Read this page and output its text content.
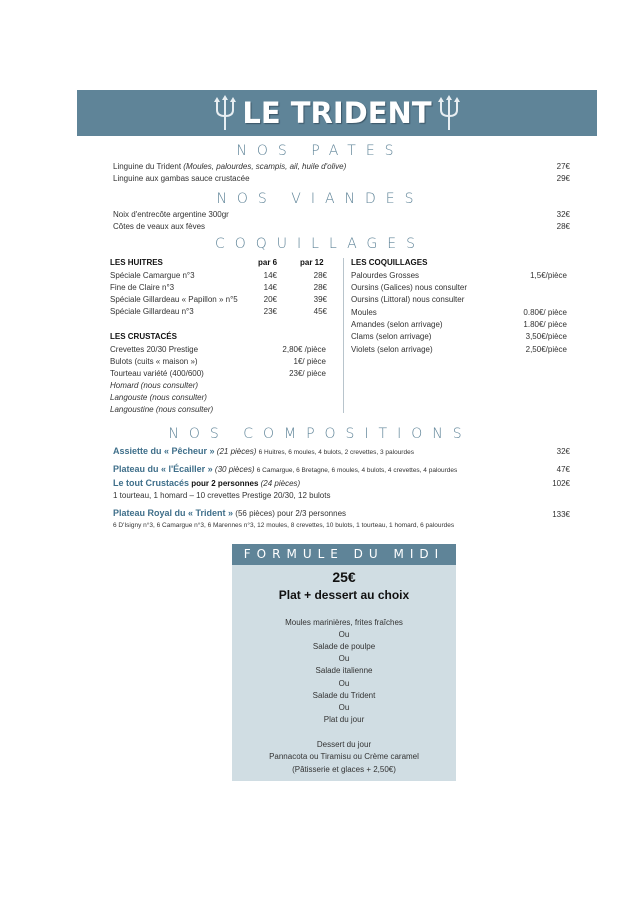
LE TRIDENT
NOS PATES
Linguine du Trident (Moules, palourdes, scampis, ail, huile d'olive)	27€
Linguine aux gambas sauce crustacée	29€
NOS VIANDES
Noix d'entrecôte argentine 300gr	32€
Côtes de veaux aux fèves	28€
COQUILLAGES
LES HUITRES	par 6	par 12
Spéciale Camargue n°3	14€	28€
Fine de Claire n°3	14€	28€
Spéciale Gillardeau « Papillon » n°5	20€	39€
Spéciale Gillardeau n°3	23€	45€
LES CRUSTACÉS
Crevettes 20/30 Prestige	2,80€ /pièce
Bulots (cuits « maison »)	1€/ pièce
Tourteau variété (400/600)	23€/ pièce
Homard (nous consulter)
Langouste (nous consulter)
Langoustine (nous consulter)
LES COQUILLAGES
Palourdes Grosses	1,5€/pièce
Oursins (Galices) nous consulter
Oursins (Littoral) nous consulter
Moules	0.80€/ pièce
Amandes (selon arrivage)	1.80€/ pièce
Clams (selon arrivage)	3,50€/pièce
Violets (selon arrivage)	2,50€/pièce
NOS COMPOSITIONS
Assiette du « Pêcheur » (21 pièces) 6 Huitres, 6 moules, 4 bulots, 2 crevettes, 3 palourdes	32€
Plateau du « l'Écailler » (30 pièces) 6 Camargue, 6 Bretagne, 6 moules, 4 bulots, 4 crevettes, 4 palourdes	47€
Le tout Crustacés pour 2 personnes (24 pièces)	102€
1 tourteau, 1 homard – 10 crevettes Prestige 20/30, 12 bulots
Plateau Royal du « Trident » (56 pièces) pour 2/3 personnes	133€
6 D'Isigny n°3, 6 Camargue n°3, 6 Marennes n°3, 12 moules, 8 crevettes, 10 bulots, 1 tourteau, 1 homard, 6 palourdes
FORMULE DU MIDI
25€
Plat + dessert au choix
Moules marinières, frites fraîches
Ou
Salade de poulpe
Ou
Salade italienne
Ou
Salade du Trident
Ou
Plat du jour
Dessert du jour
Pannacota ou Tiramisu ou Crème caramel
(Pâtisserie et glaces + 2,50€)
